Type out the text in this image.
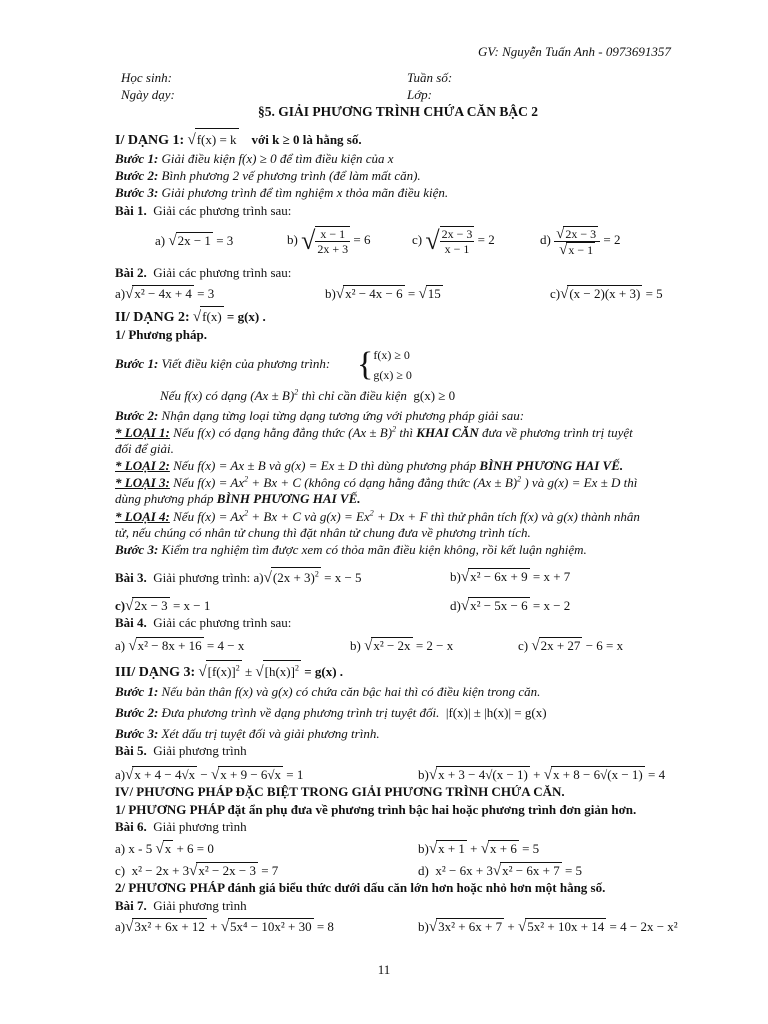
GV: Nguyễn Tuấn Anh - 0973691357
Học sinh:	Tuần số:
Ngày dạy:	Lớp:
§5. GIẢI PHƯƠNG TRÌNH CHỨA CĂN BẬC 2
I/ DẠNG 1: √f(x) = k với k ≥ 0 là hằng số.
Bước 1: Giải điều kiện f(x) ≥ 0 để tìm điều kiện của x
Bước 2: Bình phương 2 vế phương trình (để làm mất căn).
Bước 3: Giải phương trình để tìm nghiệm x thỏa mãn điều kiện.
Bài 1. Giải các phương trình sau:
a) √2x − 1 = 3	b) √ $\frac{x - 1}{2x + 3} = 6$	c) √ $\frac{2x - 3}{x - 1} = 2$	$d) \frac{√2x - 3}{√x - 1} = 2$
Bài 2. Giải các phương trình sau:
a)√x² − 4x + 4 = 3	b)√x² − 4x − 6 = √15	c)√(x − 2)(x + 3) = 5
II/ DẠNG 2: √f(x) = g(x) .
1/ Phương pháp.
Bước 1: Viết điều kiện của phương trình: { f(x) ≥ 0
g(x) ≥ 0
Nếu f(x) có dạng $(Ax \pm B)^2$ thì chỉ cần điều kiện g(x) ≥ 0
Bước 2: Nhận dạng từng loại từng dạng tương ứng với phương pháp giải sau:
* LOẠI 1: Nếu f(x) có dạng hằng đẳng thức $(Ax \pm B)^2$ thì KHAI CĂN đưa về phương trình trị tuyệt
đối để giải.
* LOẠI 2: Nếu f(x) = Ax ± B và g(x) = Ex ± D thì dùng phương pháp BÌNH PHƯƠNG HAI VẾ.
* LOẠI 3: Nếu $f(x) = Ax^2 + Bx + C$ (không có dạng hằng đẳng thức $(Ax \pm B)^2$ ) và g(x) = Ex ± D thì
dùng phương pháp BÌNH PHƯƠNG HAI VẾ.
* LOẠI 4: Nếu $f(x) = Ax^2 + Bx + C$ và $g(x) = Ex^2 + Dx + F$ thì thử phân tích f(x) và g(x) thành nhân
tử, nếu chúng có nhân tử chung thì đặt nhân tử chung đưa về phương trình tích.
Bước 3: Kiểm tra nghiệm tìm được xem có thỏa mãn điều kiện không, rồi kết luận nghiệm.
Bài 3. Giải phương trình: $a)√(2x + 3)^2 = x - 5$	b)√x² − 6x + 9 = x + 7
c)√2x − 3 = x − 1	d)√x² − 5x − 6 = x − 2
Bài 4. Giải các phương trình sau:
a) √x² − 8x + 16 = 4 − x	b) √x² − 2x = 2 − x	c) √2x + 27 − 6 = x
III/ DẠNG 3: $√[f(x)]^2 \pm √[h(x)]^2 = g(x)$ .
Bước 1: Nếu bản thân f(x) và g(x) có chứa căn bậc hai thì có điều kiện trong căn.
Bước 2: Đưa phương trình về dạng phương trình trị tuyệt đối. |f(x)| ± |h(x)| = g(x)
Bước 3: Xét dấu trị tuyệt đối và giải phương trình.
Bài 5. Giải phương trình
a)√x + 4 − 4√x − √x + 9 − 6√x = 1	b)√x + 3 − 4√(x − 1) + √x + 8 − 6√(x − 1) = 4
IV/ PHƯƠNG PHÁP ĐẶC BIỆT TRONG GIẢI PHƯƠNG TRÌNH CHỨA CĂN.
1/ PHƯƠNG PHÁP đặt ẩn phụ đưa về phương trình bậc hai hoặc phương trình đơn giản hơn.
Bài 6. Giải phương trình
a) x - 5 √x + 6 = 0	b)√x + 1 + √x + 6 = 5
c) x² − 2x + 3√x² − 2x − 3 = 7	d) x² − 6x + 3√x² − 6x + 7 = 5
2/ PHƯƠNG PHÁP đánh giá biểu thức dưới dấu căn lớn hơn hoặc nhỏ hơn một hằng số.
Bài 7. Giải phương trình
a)√3x² + 6x + 12 + √5x⁴ − 10x² + 30 = 8	b)√3x² + 6x + 7 + √5x² + 10x + 14 = 4 − 2x − x²
11
